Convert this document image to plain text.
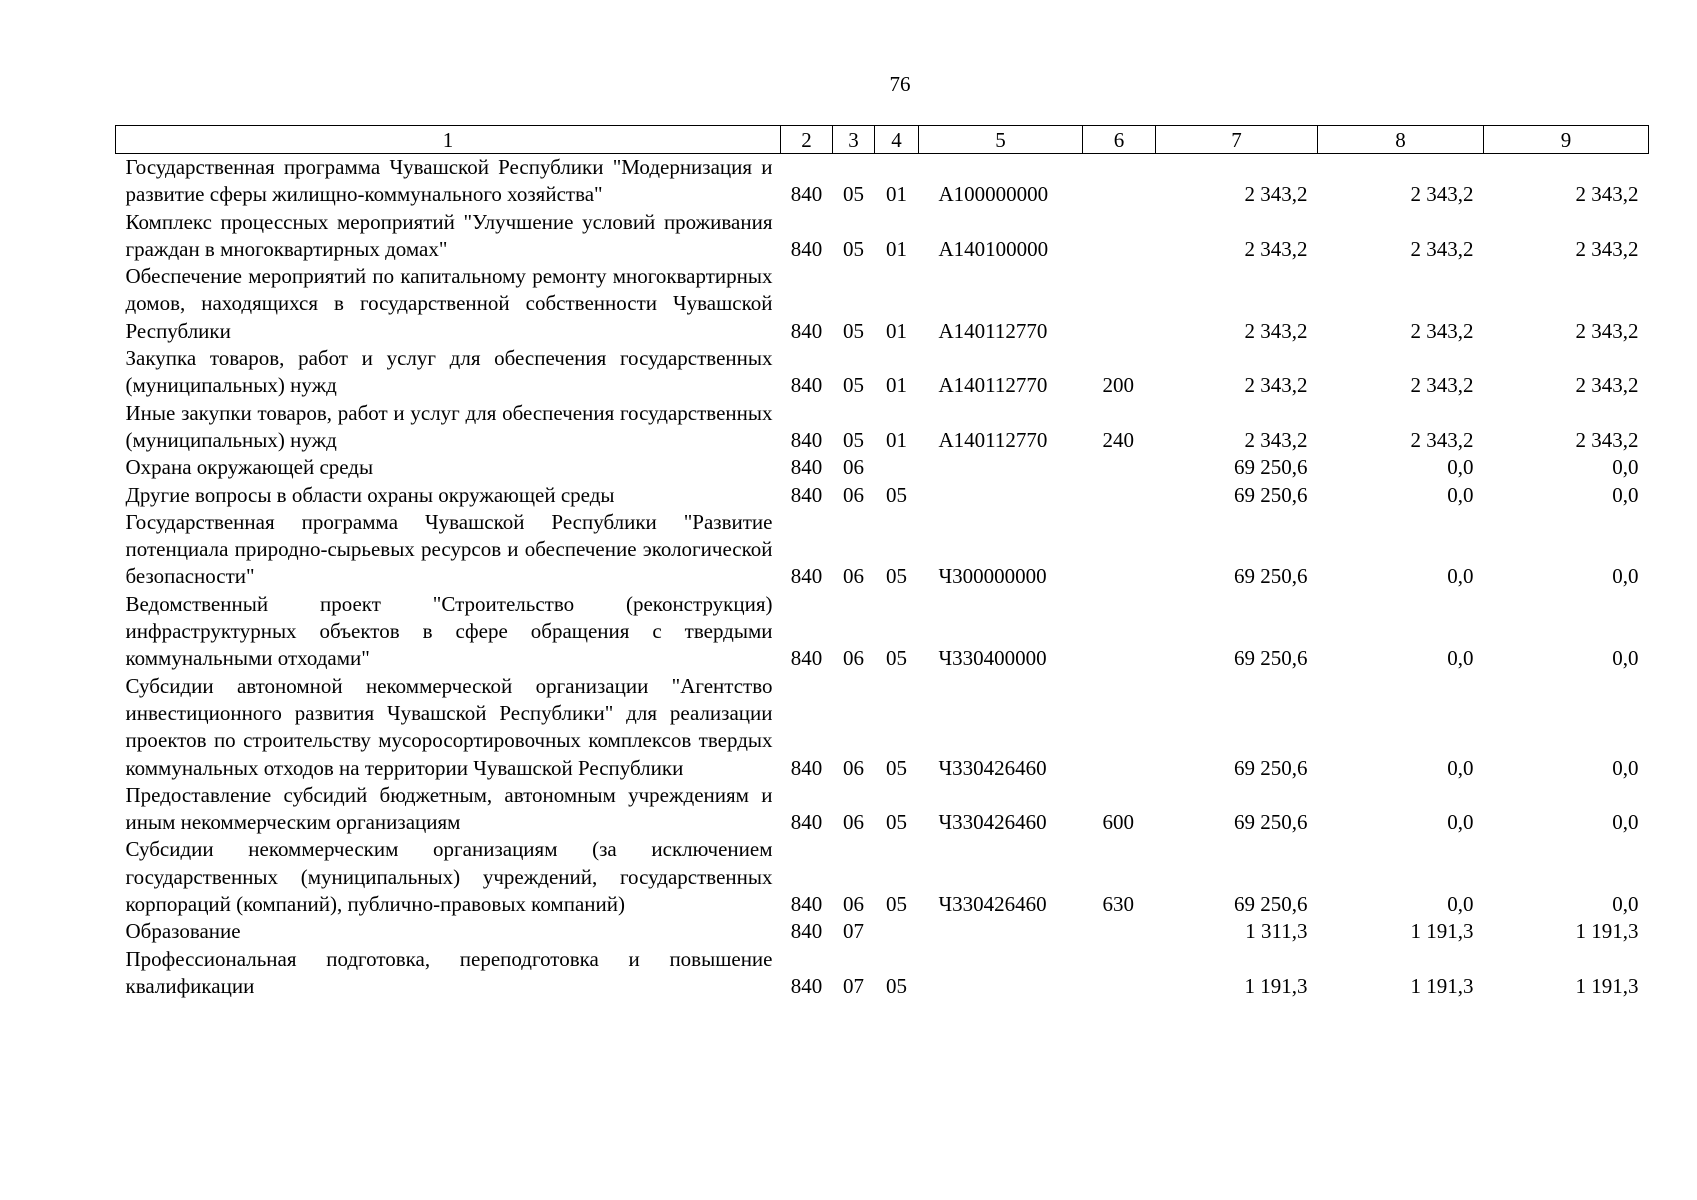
76
1	2	3	4	5	6	7	8	9
Государственная программа Чувашской Республики "Модернизация и развитие сферы жилищно-коммунального хозяйства"	840	05	01	А100000000		2 343,2	2 343,2	2 343,2
Комплекс процессных мероприятий "Улучшение условий проживания граждан в многоквартирных домах"	840	05	01	А140100000		2 343,2	2 343,2	2 343,2
Обеспечение мероприятий по капитальному ремонту многоквартирных домов, находящихся в государственной собственности Чувашской Республики	840	05	01	А140112770		2 343,2	2 343,2	2 343,2
Закупка товаров, работ и услуг для обеспечения государственных (муниципальных) нужд	840	05	01	А140112770	200	2 343,2	2 343,2	2 343,2
Иные закупки товаров, работ и услуг для обеспечения государственных (муниципальных) нужд	840	05	01	А140112770	240	2 343,2	2 343,2	2 343,2
Охрана окружающей среды	840	06				69 250,6	0,0	0,0
Другие вопросы в области охраны окружающей среды	840	06	05			69 250,6	0,0	0,0
Государственная программа Чувашской Республики "Развитие потенциала природно-сырьевых ресурсов и обеспечение экологической безопасности"	840	06	05	Ч300000000		69 250,6	0,0	0,0
Ведомственный проект "Строительство (реконструкция) инфраструктурных объектов в сфере обращения с твердыми коммунальными отходами"	840	06	05	Ч330400000		69 250,6	0,0	0,0
Субсидии автономной некоммерческой организации "Агентство инвестиционного развития Чувашской Республики" для реализации проектов по строительству мусоросортировочных комплексов твердых коммунальных отходов на территории Чувашской Республики	840	06	05	Ч330426460		69 250,6	0,0	0,0
Предоставление субсидий бюджетным, автономным учреждениям и иным некоммерческим организациям	840	06	05	Ч330426460	600	69 250,6	0,0	0,0
Субсидии некоммерческим организациям (за исключением государственных (муниципальных) учреждений, государственных корпораций (компаний), публично-правовых компаний)	840	06	05	Ч330426460	630	69 250,6	0,0	0,0
Образование	840	07				1 311,3	1 191,3	1 191,3
Профессиональная подготовка, переподготовка и повышение квалификации	840	07	05			1 191,3	1 191,3	1 191,3
